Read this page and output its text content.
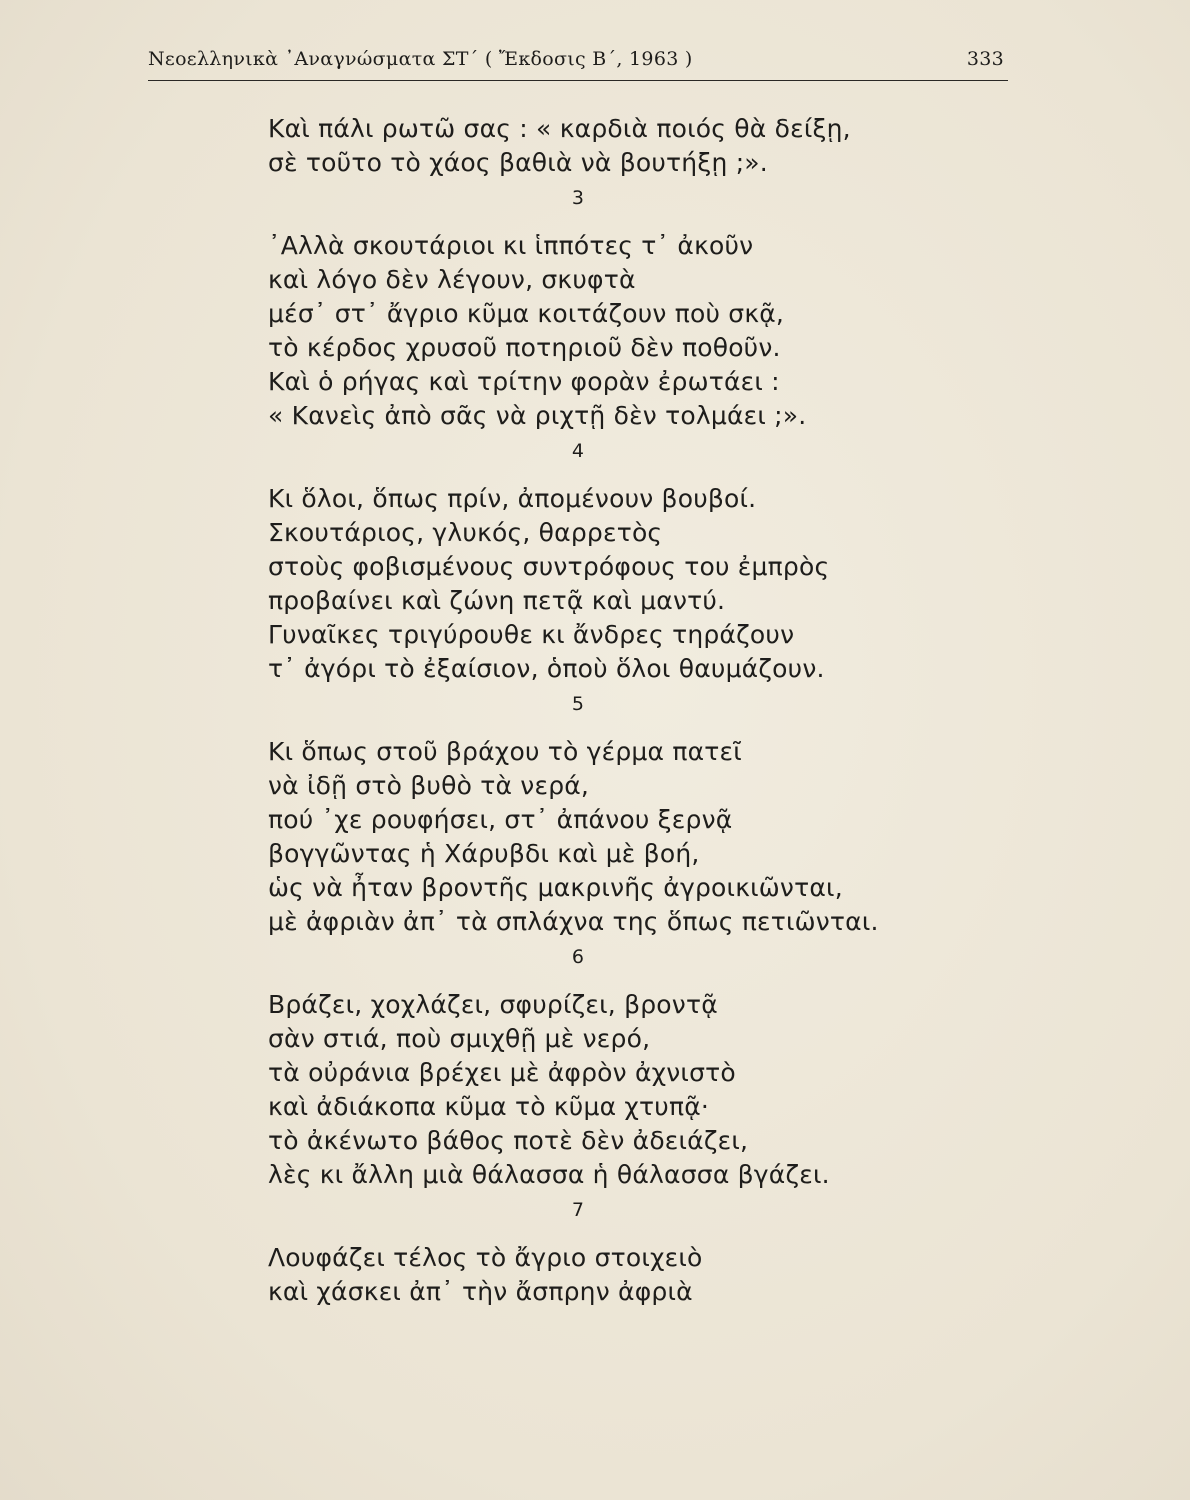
Νεοελληνικὰ ᾿Αναγνώσματα ΣΤ΄ ( Ἔκδοσις Β΄, 1963 )	333
Καὶ πάλι ρωτῶ σας : « καρδιὰ ποιός θὰ δείξῃ,
σὲ τοῦτο τὸ χάος βαθιὰ νὰ βουτήξῃ ;».
3
᾿Αλλὰ σκουτάριοι κι ἱππότες τ᾿ ἀκοῦν
καὶ λόγο δὲν λέγουν, σκυφτὰ
μέσ᾿ στ᾿ ἄγριο κῦμα κοιτάζουν ποὺ σκᾷ,
τὸ κέρδος χρυσοῦ ποτηριοῦ δὲν ποθοῦν.
Καὶ ὁ ρήγας καὶ τρίτην φορὰν ἐρωτάει :
« Κανεὶς ἀπὸ σᾶς νὰ ριχτῇ δὲν τολμάει ;».
4
Κι ὅλοι, ὅπως πρίν, ἀπομένουν βουβοί.
Σκουτάριος, γλυκός, θαρρετὸς
στοὺς φοβισμένους συντρόφους του ἐμπρὸς
προβαίνει καὶ ζώνη πετᾷ καὶ μαντύ.
Γυναῖκες τριγύρουθε κι ἄνδρες τηράζουν
τ᾿ ἀγόρι τὸ ἐξαίσιον, ὁποὺ ὅλοι θαυμάζουν.
5
Κι ὅπως στοῦ βράχου τὸ γέρμα πατεῖ
νὰ ἰδῇ στὸ βυθὸ τὰ νερά,
πού ᾿χε ρουφήσει, στ᾿ ἀπάνου ξερνᾷ
βογγῶντας ἡ Χάρυβδι καὶ μὲ βοή,
ὡς νὰ ἦταν βροντῆς μακρινῆς ἀγροικιῶνται,
μὲ ἀφριὰν ἀπ᾿ τὰ σπλάχνα της ὅπως πετιῶνται.
6
Βράζει, χοχλάζει, σφυρίζει, βροντᾷ
σὰν στιά, ποὺ σμιχθῇ μὲ νερό,
τὰ οὐράνια βρέχει μὲ ἀφρὸν ἀχνιστὸ
καὶ ἀδιάκοπα κῦμα τὸ κῦμα χτυπᾷ·
τὸ ἀκένωτο βάθος ποτὲ δὲν ἀδειάζει,
λὲς κι ἄλλη μιὰ θάλασσα ἡ θάλασσα βγάζει.
7
Λουφάζει τέλος τὸ ἄγριο στοιχειὸ
καὶ χάσκει ἀπ᾿ τὴν ἄσπρην ἀφριὰ
